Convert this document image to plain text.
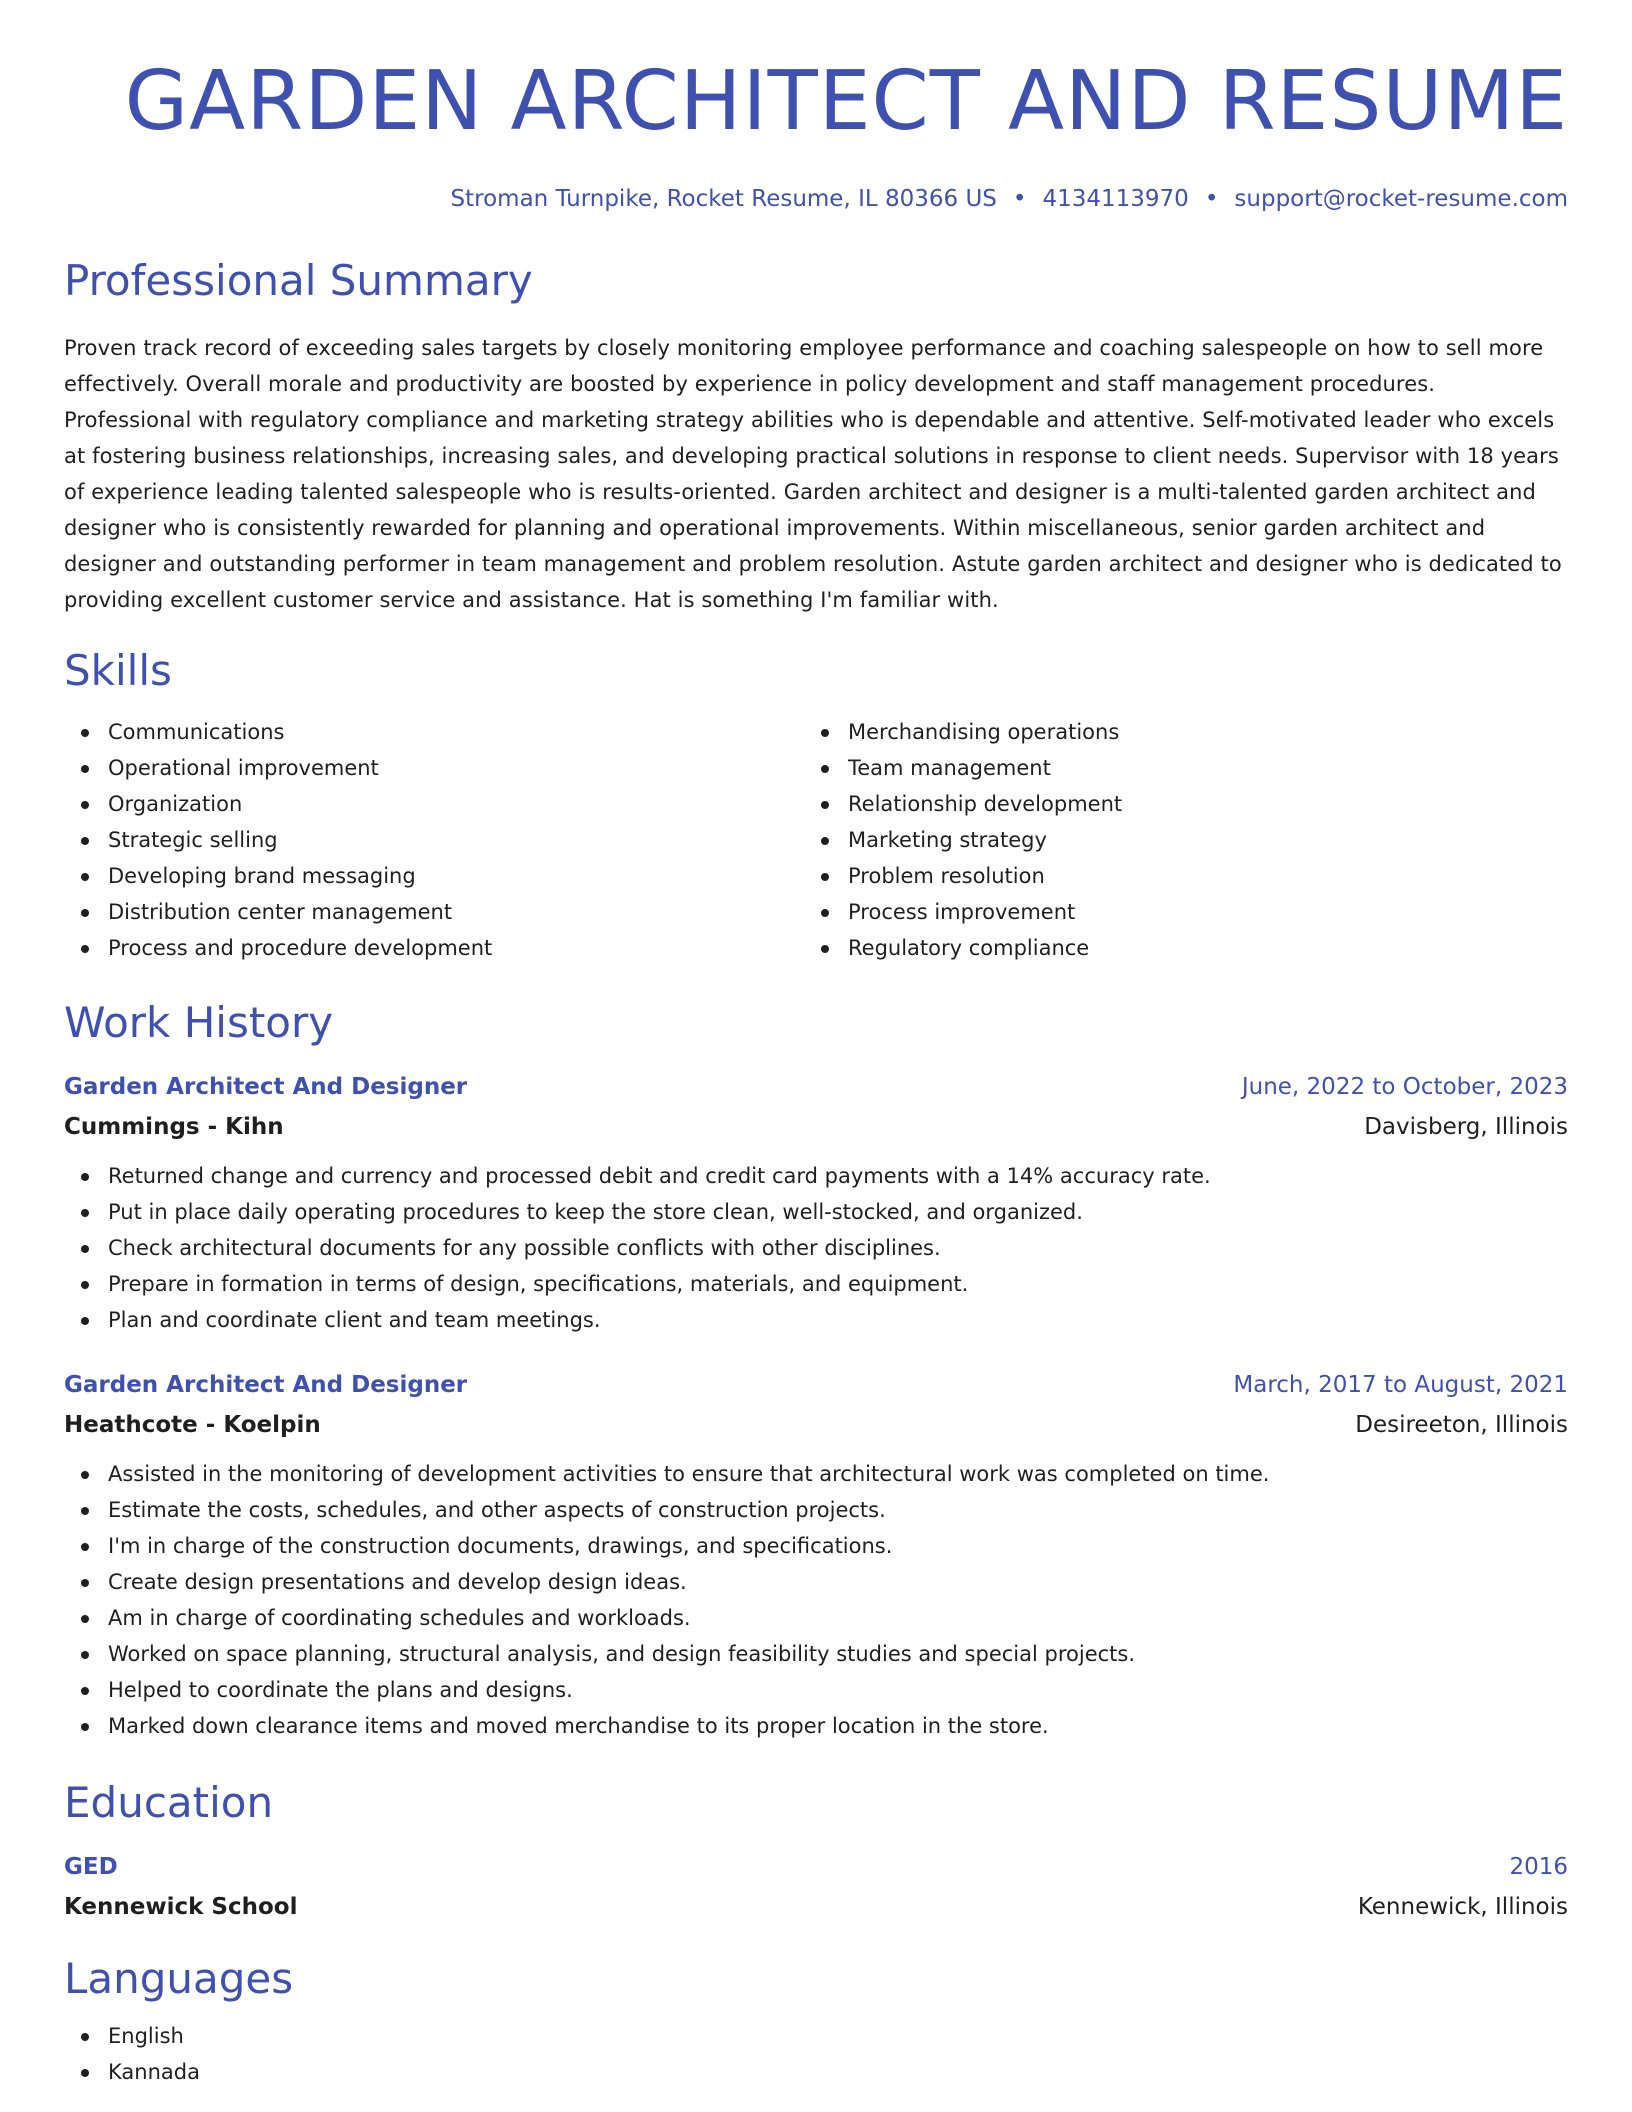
GARDEN ARCHITECT AND RESUME
Stroman Turnpike, Rocket Resume, IL 80366 US • 4134113970 • support@rocket-resume.com
Professional Summary
Proven track record of exceeding sales targets by closely monitoring employee performance and coaching salespeople on how to sell more effectively. Overall morale and productivity are boosted by experience in policy development and staff management procedures. Professional with regulatory compliance and marketing strategy abilities who is dependable and attentive. Self-motivated leader who excels at fostering business relationships, increasing sales, and developing practical solutions in response to client needs. Supervisor with 18 years of experience leading talented salespeople who is results-oriented. Garden architect and designer is a multi-talented garden architect and designer who is consistently rewarded for planning and operational improvements. Within miscellaneous, senior garden architect and designer and outstanding performer in team management and problem resolution. Astute garden architect and designer who is dedicated to providing excellent customer service and assistance. Hat is something I'm familiar with.
Skills
Communications
Operational improvement
Organization
Strategic selling
Developing brand messaging
Distribution center management
Process and procedure development
Merchandising operations
Team management
Relationship development
Marketing strategy
Problem resolution
Process improvement
Regulatory compliance
Work History
Garden Architect And Designer	June, 2022 to October, 2023
Cummings - Kihn	Davisberg, Illinois
Returned change and currency and processed debit and credit card payments with a 14% accuracy rate.
Put in place daily operating procedures to keep the store clean, well-stocked, and organized.
Check architectural documents for any possible conflicts with other disciplines.
Prepare in formation in terms of design, specifications, materials, and equipment.
Plan and coordinate client and team meetings.
Garden Architect And Designer	March, 2017 to August, 2021
Heathcote - Koelpin	Desireeton, Illinois
Assisted in the monitoring of development activities to ensure that architectural work was completed on time.
Estimate the costs, schedules, and other aspects of construction projects.
I'm in charge of the construction documents, drawings, and specifications.
Create design presentations and develop design ideas.
Am in charge of coordinating schedules and workloads.
Worked on space planning, structural analysis, and design feasibility studies and special projects.
Helped to coordinate the plans and designs.
Marked down clearance items and moved merchandise to its proper location in the store.
Education
GED	2016
Kennewick School	Kennewick, Illinois
Languages
English
Kannada
